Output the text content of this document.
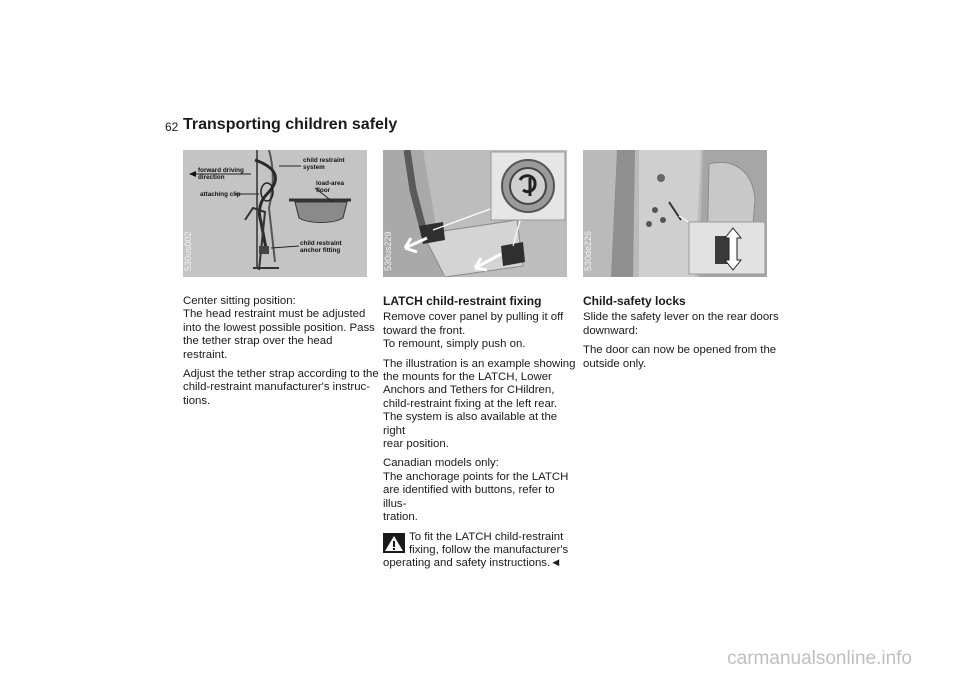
62 Transporting children safely
forward driving
direction
attaching clip
child restraint
system
load-area
floor
child restraint
anchor fitting
530us002	530us229	530de226

Center sitting position:
The head restraint must be adjusted
into the lowest possible position. Pass
the tether strap over the head restraint.

Adjust the tether strap according to the
child-restraint manufacturer's instruc-
tions.

LATCH child-restraint fixing

Remove cover panel by pulling it off
toward the front.
To remount, simply push on.

The illustration is an example showing
the mounts for the LATCH, Lower
Anchors and Tethers for CHildren,
child-restraint fixing at the left rear.
The system is also available at the right
rear position.

Canadian models only:
The anchorage points for the LATCH
are identified with buttons, refer to illus-
tration.

To fit the LATCH child-restraint
fixing, follow the manufacturer's
operating and safety instructions.◄
Child-safety locks

Slide the safety lever on the rear doors
downward:

The door can now be opened from the
outside only.

carmanualsonline.info
